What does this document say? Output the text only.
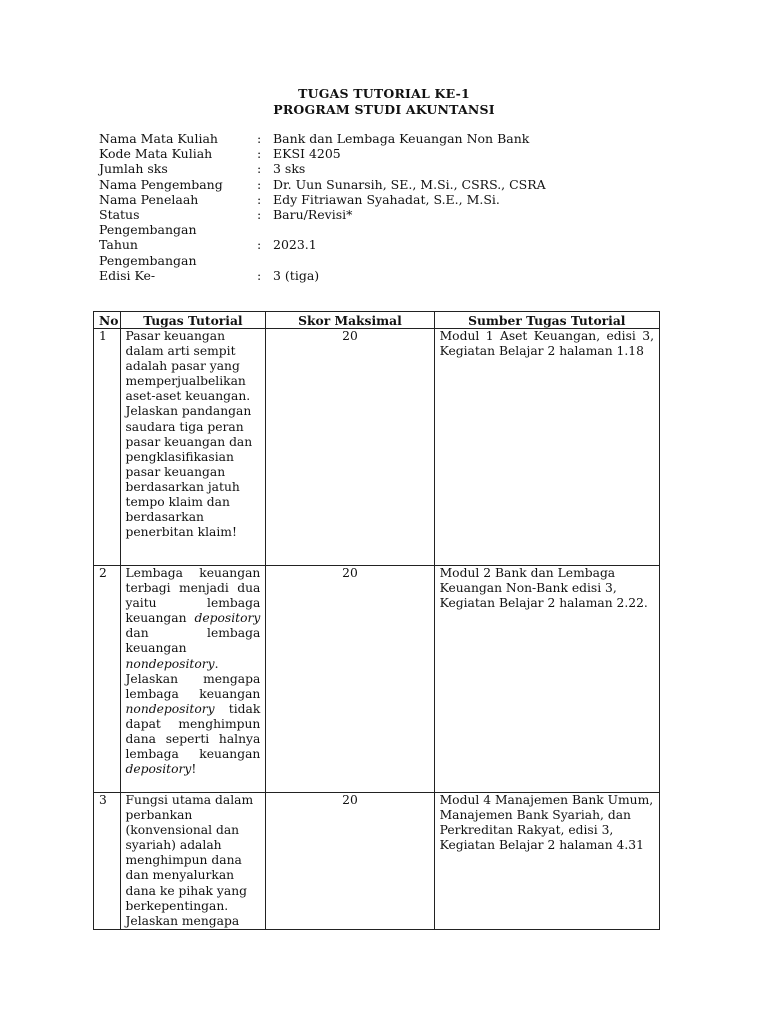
TUGAS TUTORIAL KE-1
PROGRAM STUDI AKUNTANSI
Nama Mata Kuliah	: Bank dan Lembaga Keuangan Non Bank
Kode Mata Kuliah	: EKSI 4205
Jumlah sks	: 3 sks
Nama Pengembang	: Dr. Uun Sunarsih, SE., M.Si., CSRS., CSRA
Nama Penelaah	: Edy Fitriawan Syahadat, S.E., M.Si.
Status
Pengembangan
: Baru/Revisi*
Tahun
Pengembangan
: 2023.1
Edisi Ke-	: 3 (tiga)
No	Tugas Tutorial	Skor Maksimal	Sumber Tugas Tutorial
1	Pasar keuangan dalam arti sempit adalah pasar yang memperjualbelikan aset-aset keuangan. Jelaskan pandangan saudara tiga peran pasar keuangan dan pengklasifikasian pasar keuangan berdasarkan jatuh tempo klaim dan berdasarkan penerbitan klaim!	20	Modul 1 Aset Keuangan, edisi 3, Kegiatan Belajar 2 halaman 1.18
2	Lembaga keuangan terbagi menjadi dua yaitu lembaga keuangan depository dan lembaga keuangan nondepository. Jelaskan mengapa lembaga keuangan nondepository tidak dapat menghimpun dana seperti halnya lembaga keuangan depository!	20	Modul 2 Bank dan Lembaga Keuangan Non-Bank edisi 3, Kegiatan Belajar 2 halaman 2.22.
3	Fungsi utama dalam perbankan (konvensional dan syariah) adalah menghimpun dana dan menyalurkan dana ke pihak yang berkepentingan. Jelaskan mengapa	20	Modul 4 Manajemen Bank Umum, Manajemen Bank Syariah, dan Perkreditan Rakyat, edisi 3, Kegiatan Belajar 2 halaman 4.31
